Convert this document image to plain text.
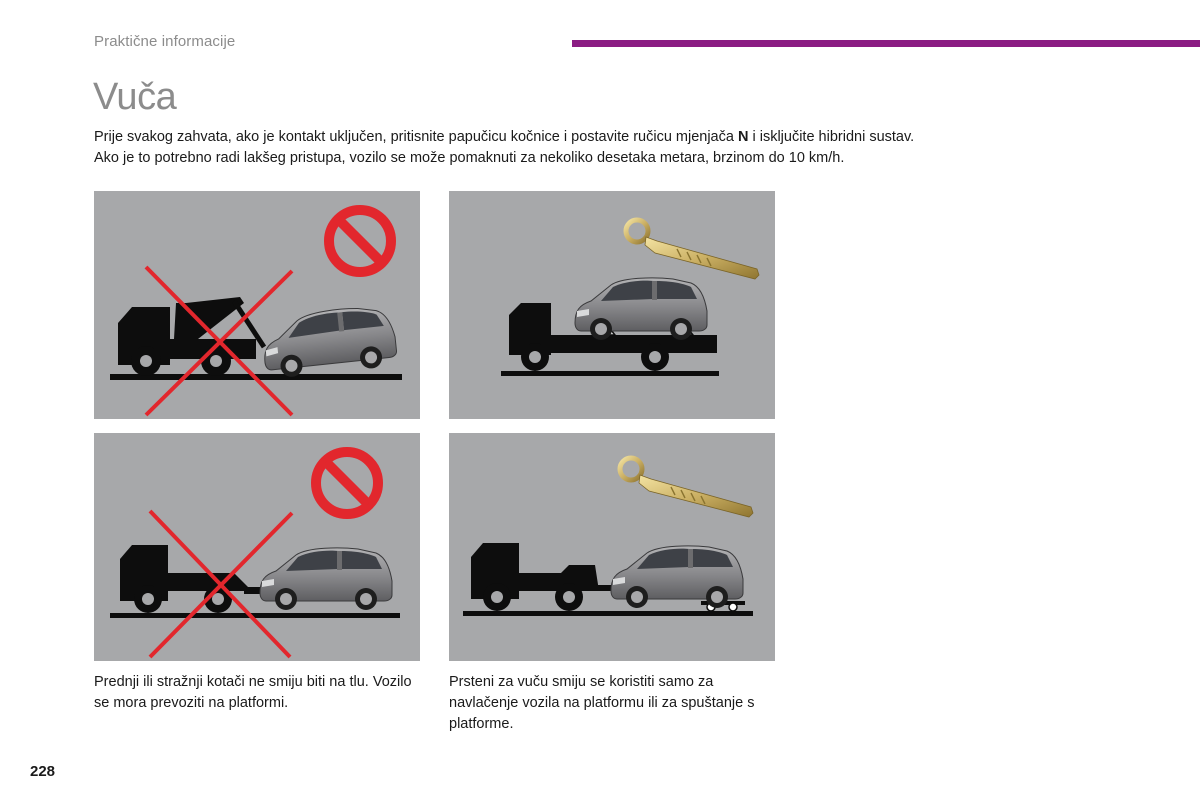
Praktične informacije
Vuča

Prije svakog zahvata, ako je kontakt uključen, pritisnite papučicu kočnice i postavite ručicu mjenjača N i isključite hibridni sustav.

Ako je to potrebno radi lakšeg pristupa, vozilo se može pomaknuti za nekoliko desetaka metara, brzinom do 10 km/h.

Prednji ili stražnji kotači ne smiju biti na tlu. Vozilo se mora prevoziti na platformi.

Prsteni za vuču smiju se koristiti samo za navlačenje vozila na platformu ili za spuštanje s platforme.

228
